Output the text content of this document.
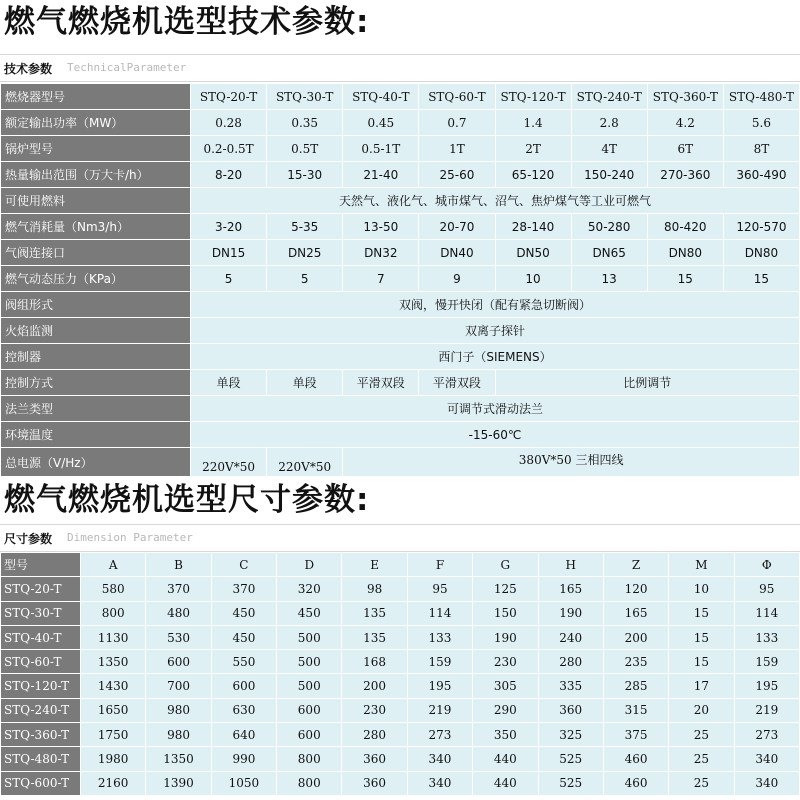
燃气燃烧机选型技术参数:
技术参数 TechnicalParameter
燃烧器型号	STQ-20-T	STQ-30-T	STQ-40-T	STQ-60-T	STQ-120-T	STQ-240-T	STQ-360-T	STQ-480-T
额定输出功率（MW）	0.28	0.35	0.45	0.7	1.4	2.8	4.2	5.6
锅炉型号	0.2-0.5T	0.5T	0.5-1T	1T	2T	4T	6T	8T
热量输出范围（万大卡/h）	8-20	15-30	21-40	25-60	65-120	150-240	270-360	360-490
可使用燃料	天然气、液化气、城市煤气、沼气、焦炉煤气等工业可燃气							
燃气消耗量（Nm3/h）	3-20	5-35	13-50	20-70	28-140	50-280	80-420	120-570
气阀连接口	DN15	DN25	DN32	DN40	DN50	DN65	DN80	DN80
燃气动态压力（KPa）	5	5	7	9	10	13	15	15
阀组形式	双阀，慢开快闭（配有紧急切断阀）							
火焰监测	双离子探针							
控制器	西门子（SIEMENS）							
控制方式	单段	单段	平滑双段	平滑双段	比例调节			
法兰类型	可调节式滑动法兰							
环境温度	-15-60℃							
总电源（V/Hz）	220V*50	220V*50	380V*50 三相四线					
燃气燃烧机选型尺寸参数:
尺寸参数 Dimension Parameter
型号	A	B	C	D	E	F	G	H	Z	M	Φ
STQ-20-T	580	370	370	320	98	95	125	165	120	10	95
STQ-30-T	800	480	450	450	135	114	150	190	165	15	114
STQ-40-T	1130	530	450	500	135	133	190	240	200	15	133
STQ-60-T	1350	600	550	500	168	159	230	280	235	15	159
STQ-120-T	1430	700	600	500	200	195	305	335	285	17	195
STQ-240-T	1650	980	630	600	230	219	290	360	315	20	219
STQ-360-T	1750	980	640	600	280	273	350	325	375	25	273
STQ-480-T	1980	1350	990	800	360	340	440	525	460	25	340
STQ-600-T	2160	1390	1050	800	360	340	440	525	460	25	340
